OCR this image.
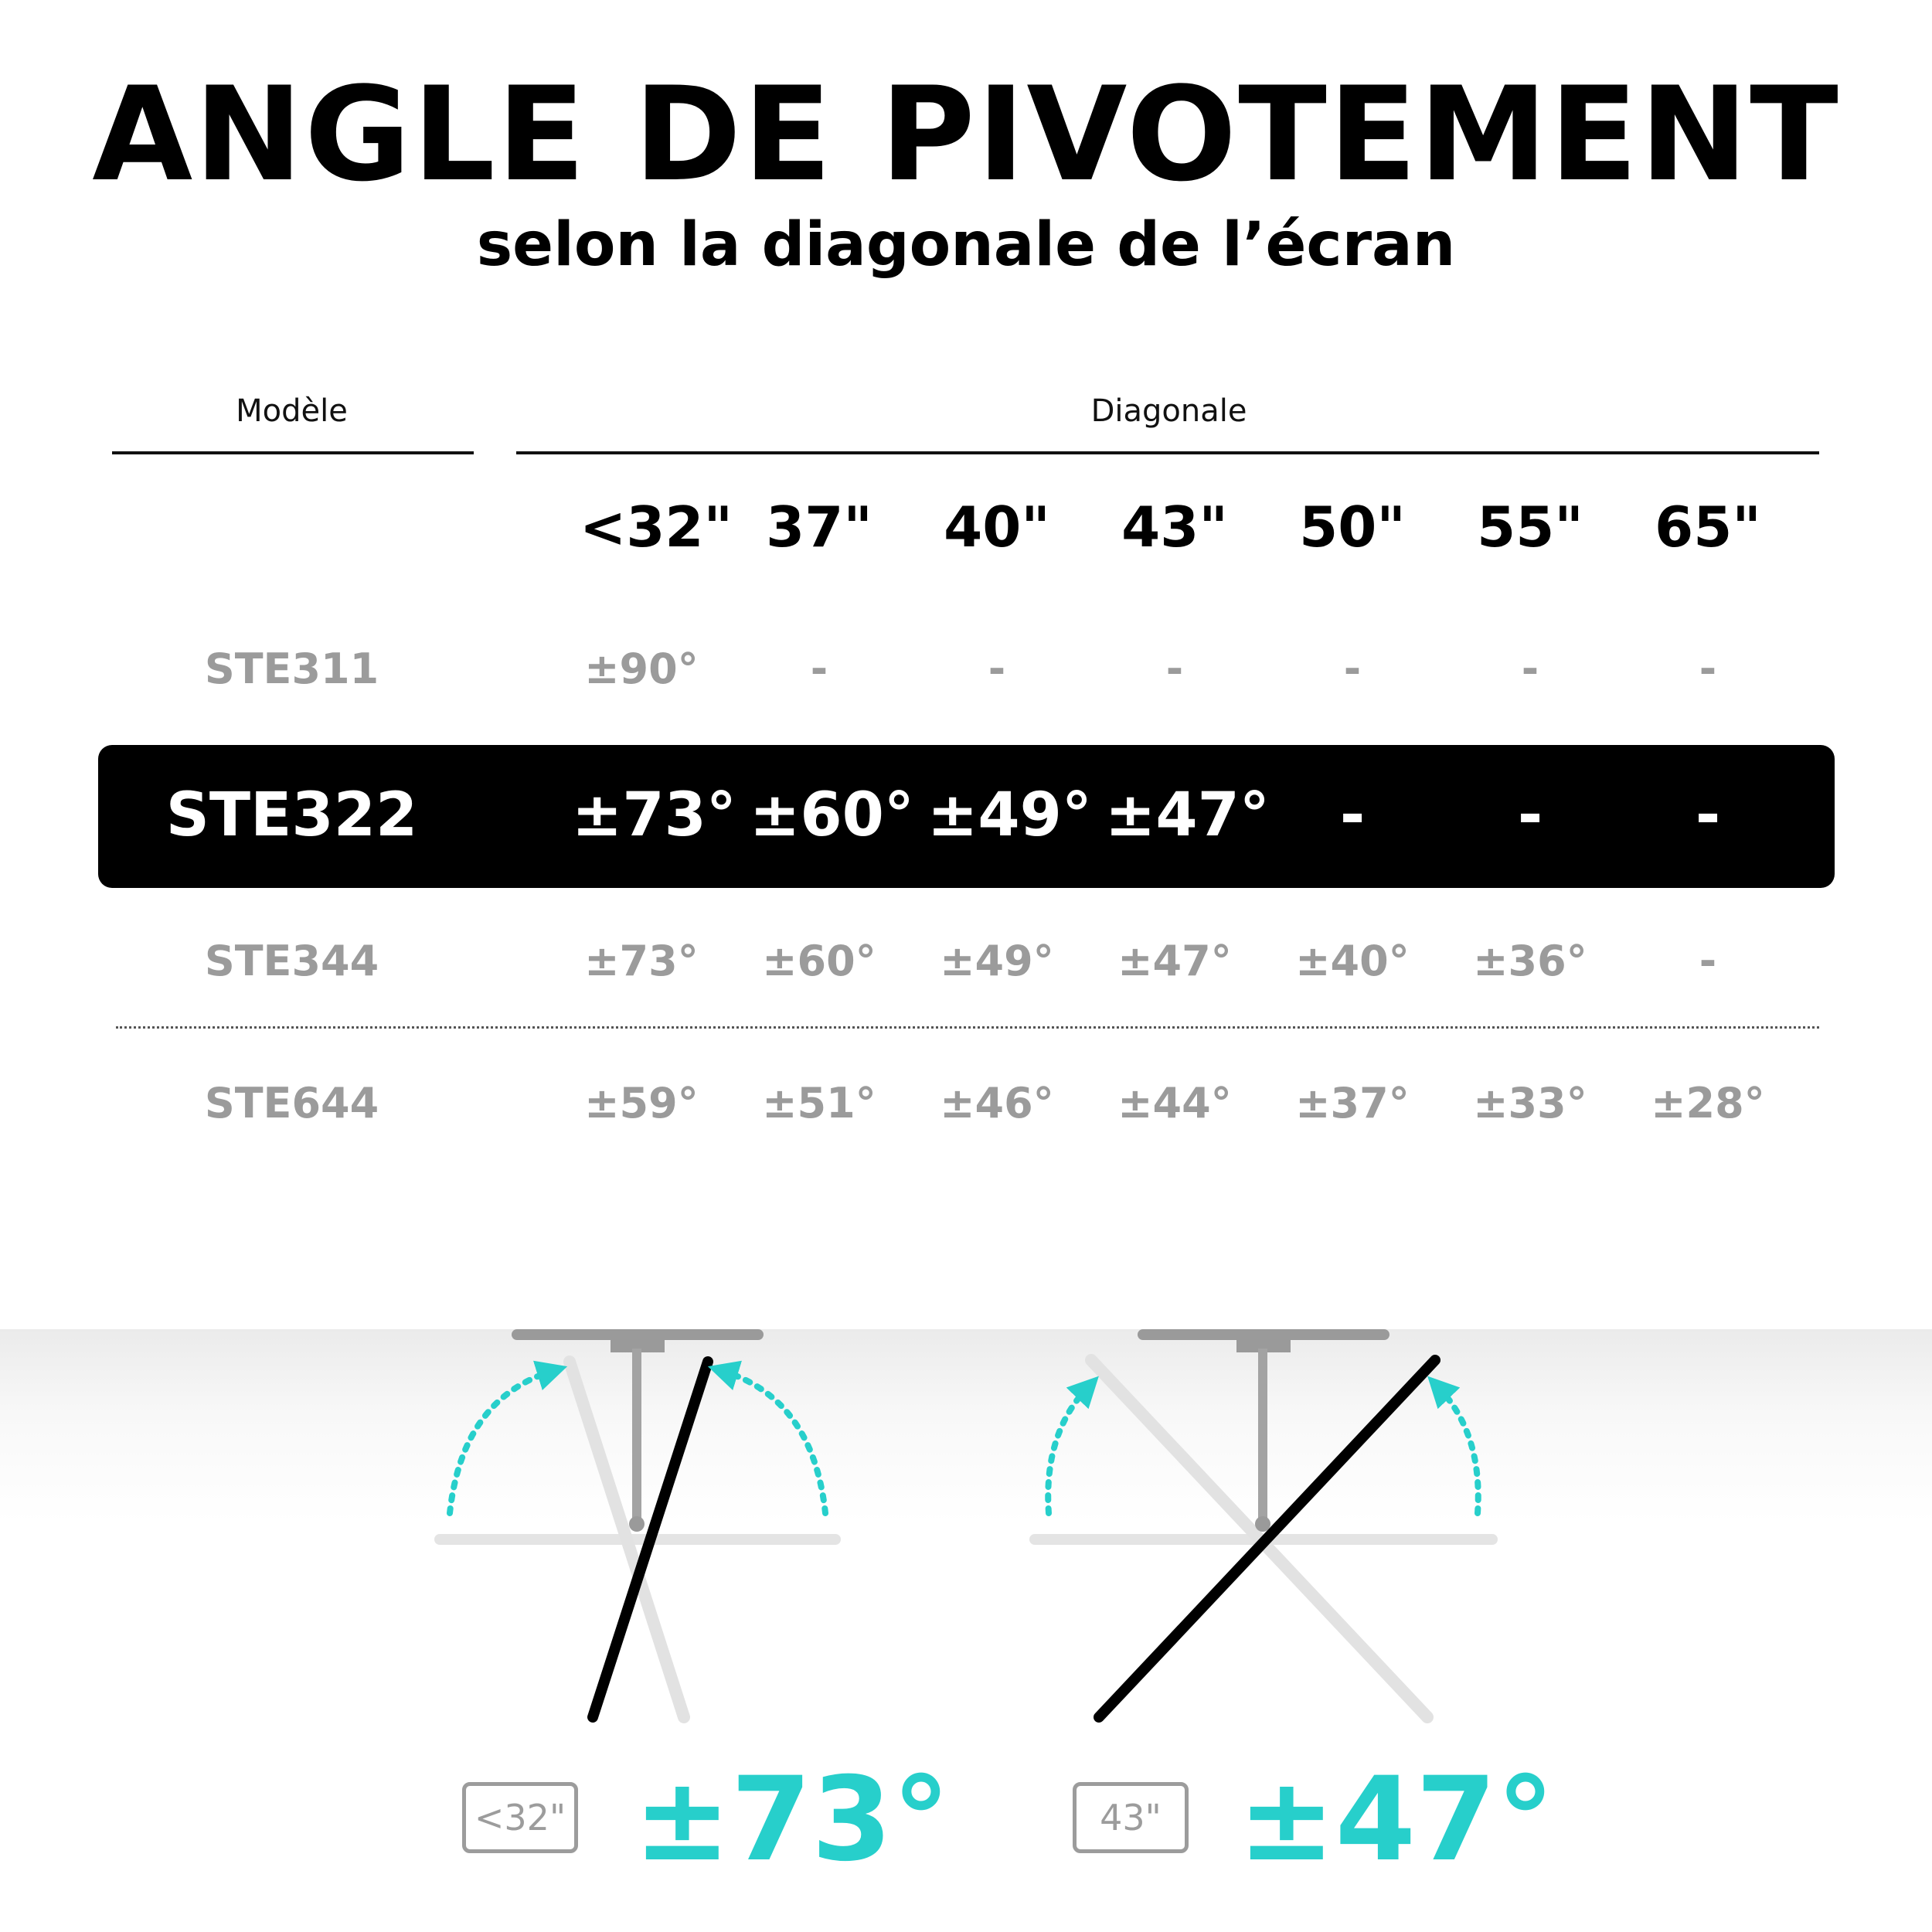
ANGLE DE PIVOTEMENT
selon la diagonale de l’écran
Modèle	Diagonale
<32" 37" 40" 43" 50" 55" 65"
STE311	±90°	-	-	-	-	-	-
STE322	±73° ±60° ±49° ±47°	-	-	-
STE344	±73° ±60° ±49° ±47° ±40° ±36°	-
STE644	±59° ±51° ±46° ±44° ±37° ±33° ±28°
<32" ±73°	43" ±47°
